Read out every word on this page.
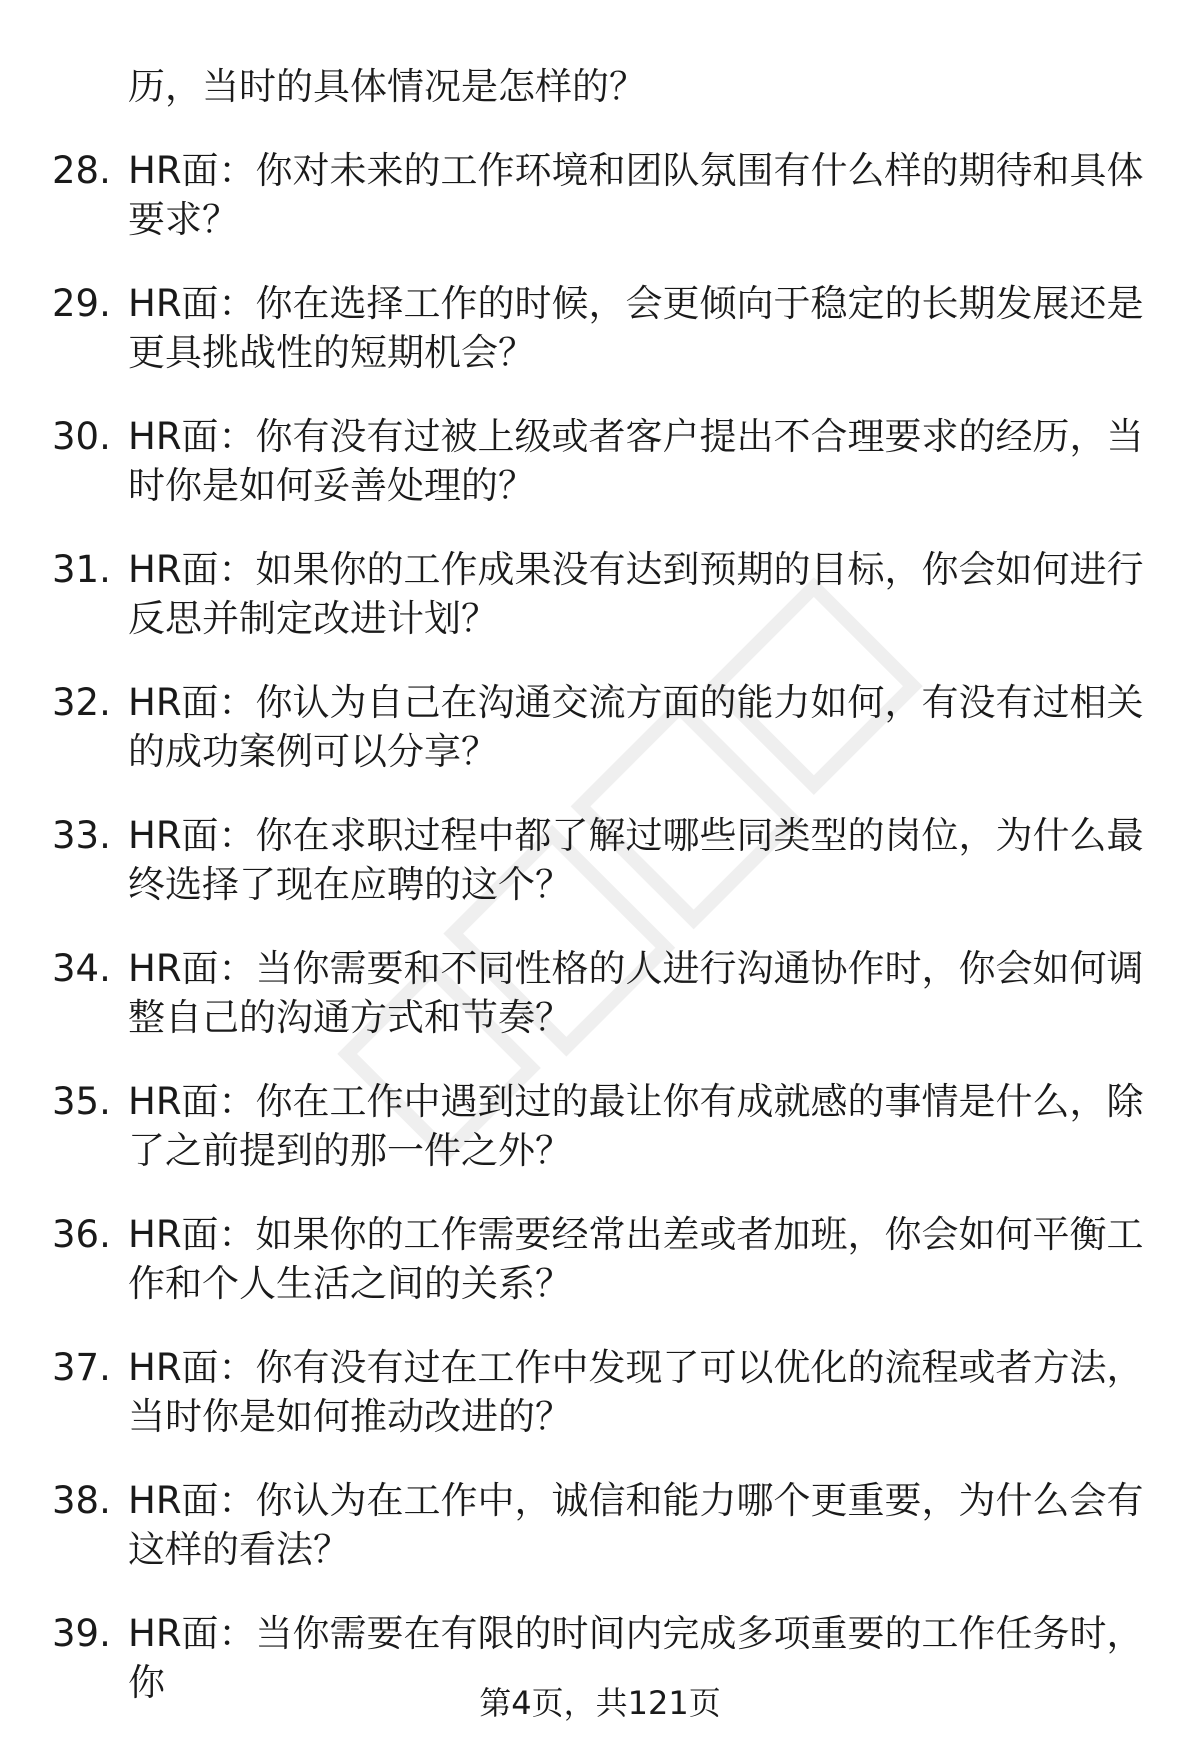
历，当时的具体情况是怎样的？
28. HR面：你对未来的工作环境和团队氛围有什么样的期待和具体要求？
29. HR面：你在选择工作的时候，会更倾向于稳定的长期发展还是更具挑战性的短期机会？
30. HR面：你有没有过被上级或者客户提出不合理要求的经历，当时你是如何妥善处理的？
31. HR面：如果你的工作成果没有达到预期的目标，你会如何进行反思并制定改进计划？
32. HR面：你认为自己在沟通交流方面的能力如何，有没有过相关的成功案例可以分享？
33. HR面：你在求职过程中都了解过哪些同类型的岗位，为什么最终选择了现在应聘的这个？
34. HR面：当你需要和不同性格的人进行沟通协作时，你会如何调整自己的沟通方式和节奏？
35. HR面：你在工作中遇到过的最让你有成就感的事情是什么，除了之前提到的那一件之外？
36. HR面：如果你的工作需要经常出差或者加班，你会如何平衡工作和个人生活之间的关系？
37. HR面：你有没有过在工作中发现了可以优化的流程或者方法，当时你是如何推动改进的？
38. HR面：你认为在工作中，诚信和能力哪个更重要，为什么会有这样的看法？
39. HR面：当你需要在有限的时间内完成多项重要的工作任务时，你	第4页，共121页
